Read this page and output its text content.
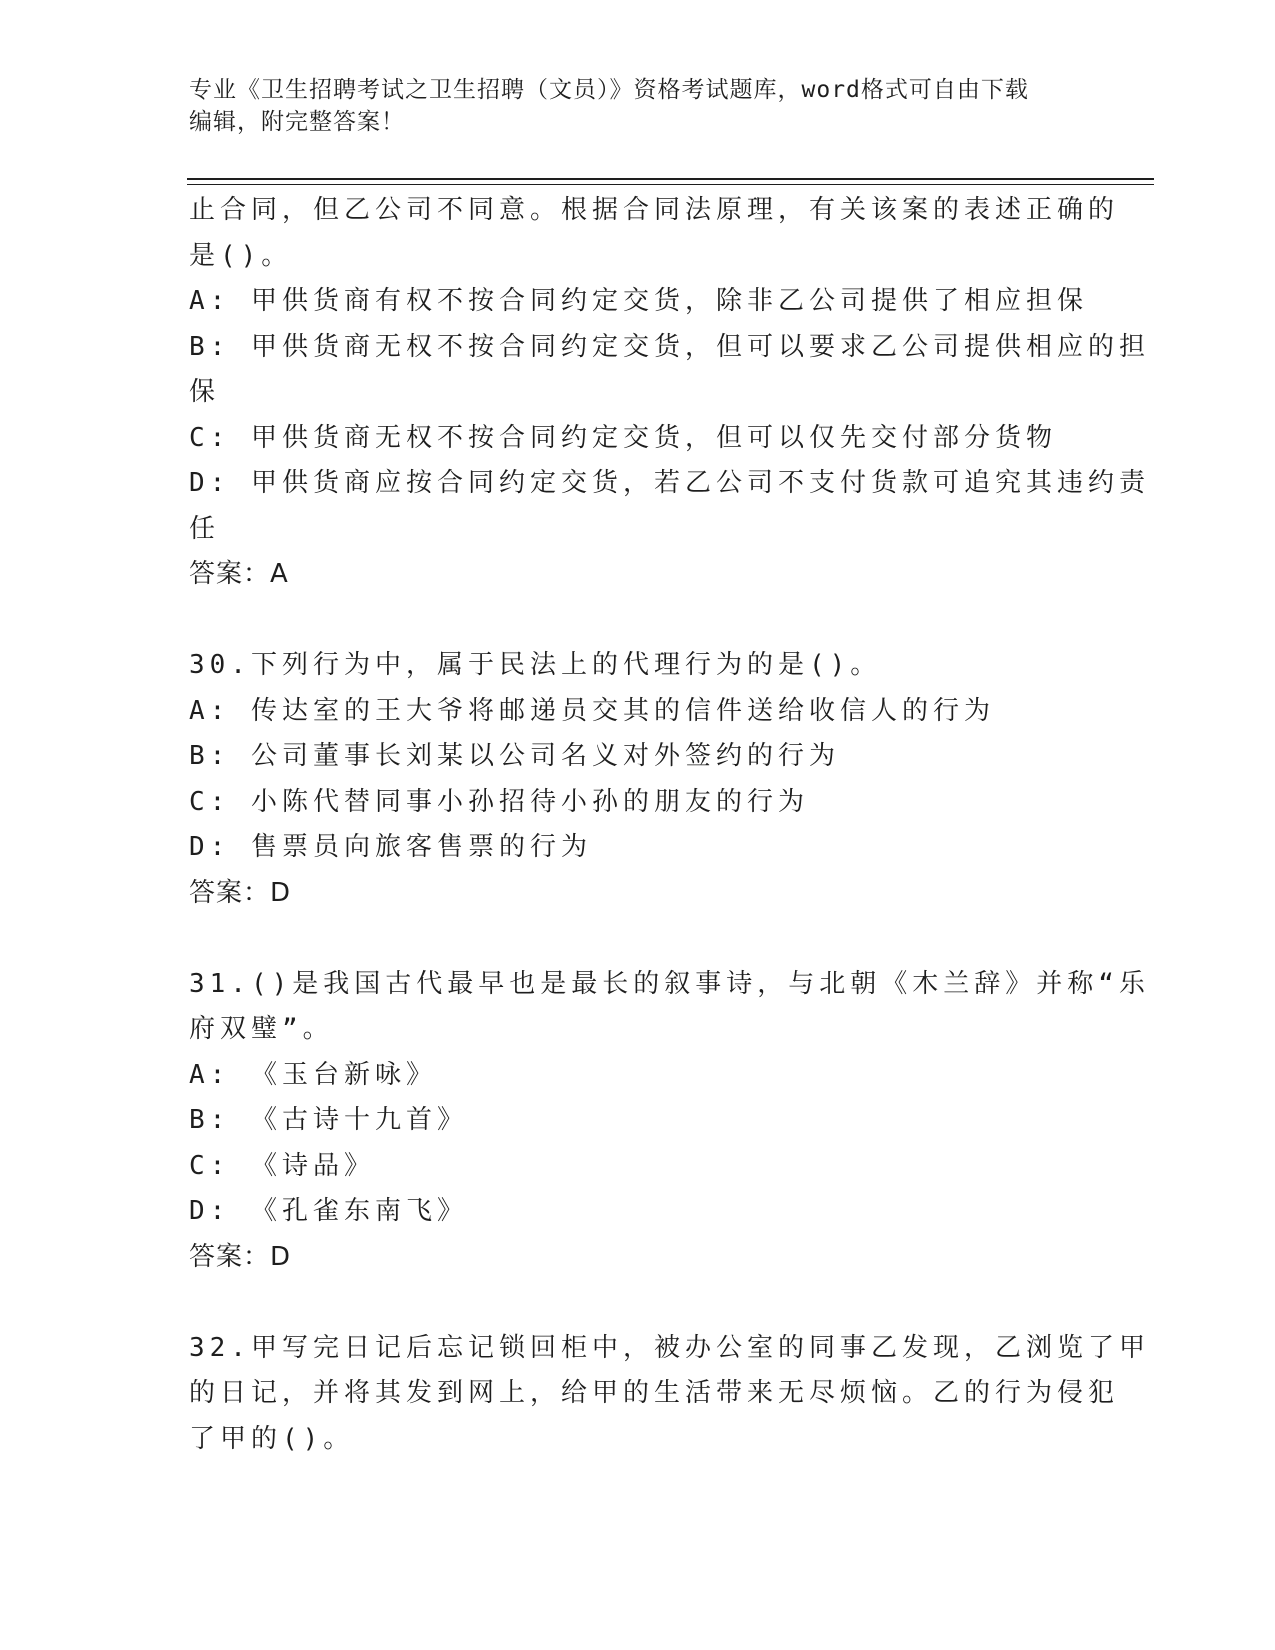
专业《卫生招聘考试之卫生招聘（文员）》资格考试题库，word格式可自由下载
编辑，附完整答案！
止合同，但乙公司不同意。根据合同法原理，有关该案的表述正确的
是()。
A: 甲供货商有权不按合同约定交货，除非乙公司提供了相应担保
B: 甲供货商无权不按合同约定交货，但可以要求乙公司提供相应的担
保
C: 甲供货商无权不按合同约定交货，但可以仅先交付部分货物
D: 甲供货商应按合同约定交货，若乙公司不支付货款可追究其违约责
任
答案：A
30.下列行为中，属于民法上的代理行为的是()。
A: 传达室的王大爷将邮递员交其的信件送给收信人的行为
B: 公司董事长刘某以公司名义对外签约的行为
C: 小陈代替同事小孙招待小孙的朋友的行为
D: 售票员向旅客售票的行为
答案：D
31.()是我国古代最早也是最长的叙事诗，与北朝《木兰辞》并称“乐
府双璧”。
A: 《玉台新咏》
B: 《古诗十九首》
C: 《诗品》
D: 《孔雀东南飞》
答案：D
32.甲写完日记后忘记锁回柜中，被办公室的同事乙发现，乙浏览了甲
的日记，并将其发到网上，给甲的生活带来无尽烦恼。乙的行为侵犯
了甲的()。
